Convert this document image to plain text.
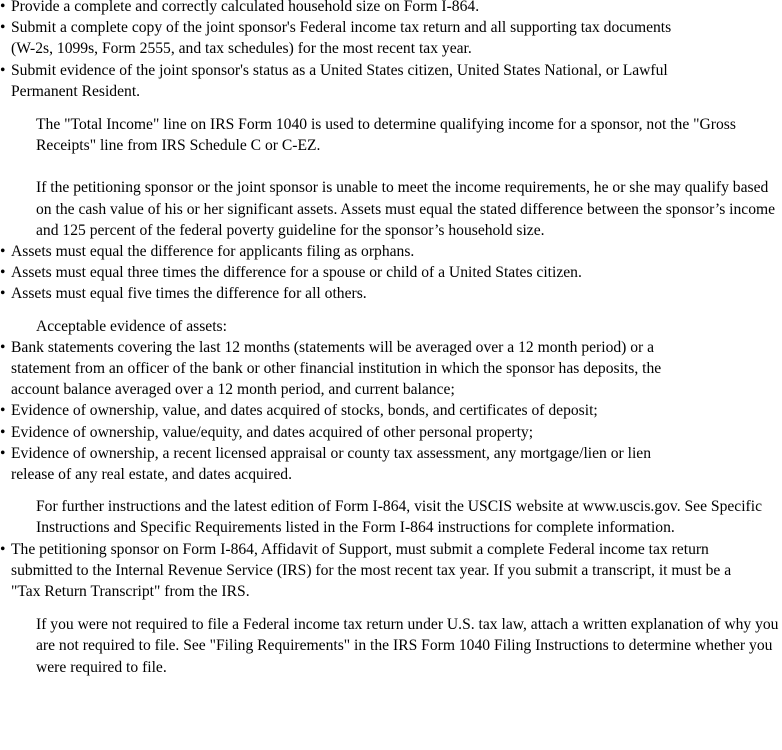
• Provide a complete and correctly calculated household size on Form I-864.
• Submit a complete copy of the joint sponsor's Federal income tax return and all supporting tax documents (W-2s, 1099s, Form 2555, and tax schedules) for the most recent tax year.
• Submit evidence of the joint sponsor's status as a United States citizen, United States National, or Lawful Permanent Resident.

The "Total Income" line on IRS Form 1040 is used to determine qualifying income for a sponsor, not the "Gross Receipts" line from IRS Schedule C or C-EZ.

If the petitioning sponsor or the joint sponsor is unable to meet the income requirements, he or she may qualify based on the cash value of his or her significant assets. Assets must equal the stated difference between the sponsor’s income and 125 percent of the federal poverty guideline for the sponsor’s household size.

• Assets must equal the difference for applicants filing as orphans.
• Assets must equal three times the difference for a spouse or child of a United States citizen.
• Assets must equal five times the difference for all others.

Acceptable evidence of assets:

• Bank statements covering the last 12 months (statements will be averaged over a 12 month period) or a statement from an officer of the bank or other financial institution in which the sponsor has deposits, the account balance averaged over a 12 month period, and current balance;
• Evidence of ownership, value, and dates acquired of stocks, bonds, and certificates of deposit;
• Evidence of ownership, value/equity, and dates acquired of other personal property;
• Evidence of ownership, a recent licensed appraisal or county tax assessment, any mortgage/lien or lien release of any real estate, and dates acquired.

For further instructions and the latest edition of Form I-864, visit the USCIS website at www.uscis.gov. See Specific Instructions and Specific Requirements listed in the Form I-864 instructions for complete information.

• The petitioning sponsor on Form I-864, Affidavit of Support, must submit a complete Federal income tax return submitted to the Internal Revenue Service (IRS) for the most recent tax year. If you submit a transcript, it must be a "Tax Return Transcript" from the IRS.

If you were not required to file a Federal income tax return under U.S. tax law, attach a written explanation of why you are not required to file. See "Filing Requirements" in the IRS Form 1040 Filing Instructions to determine whether you were required to file.
